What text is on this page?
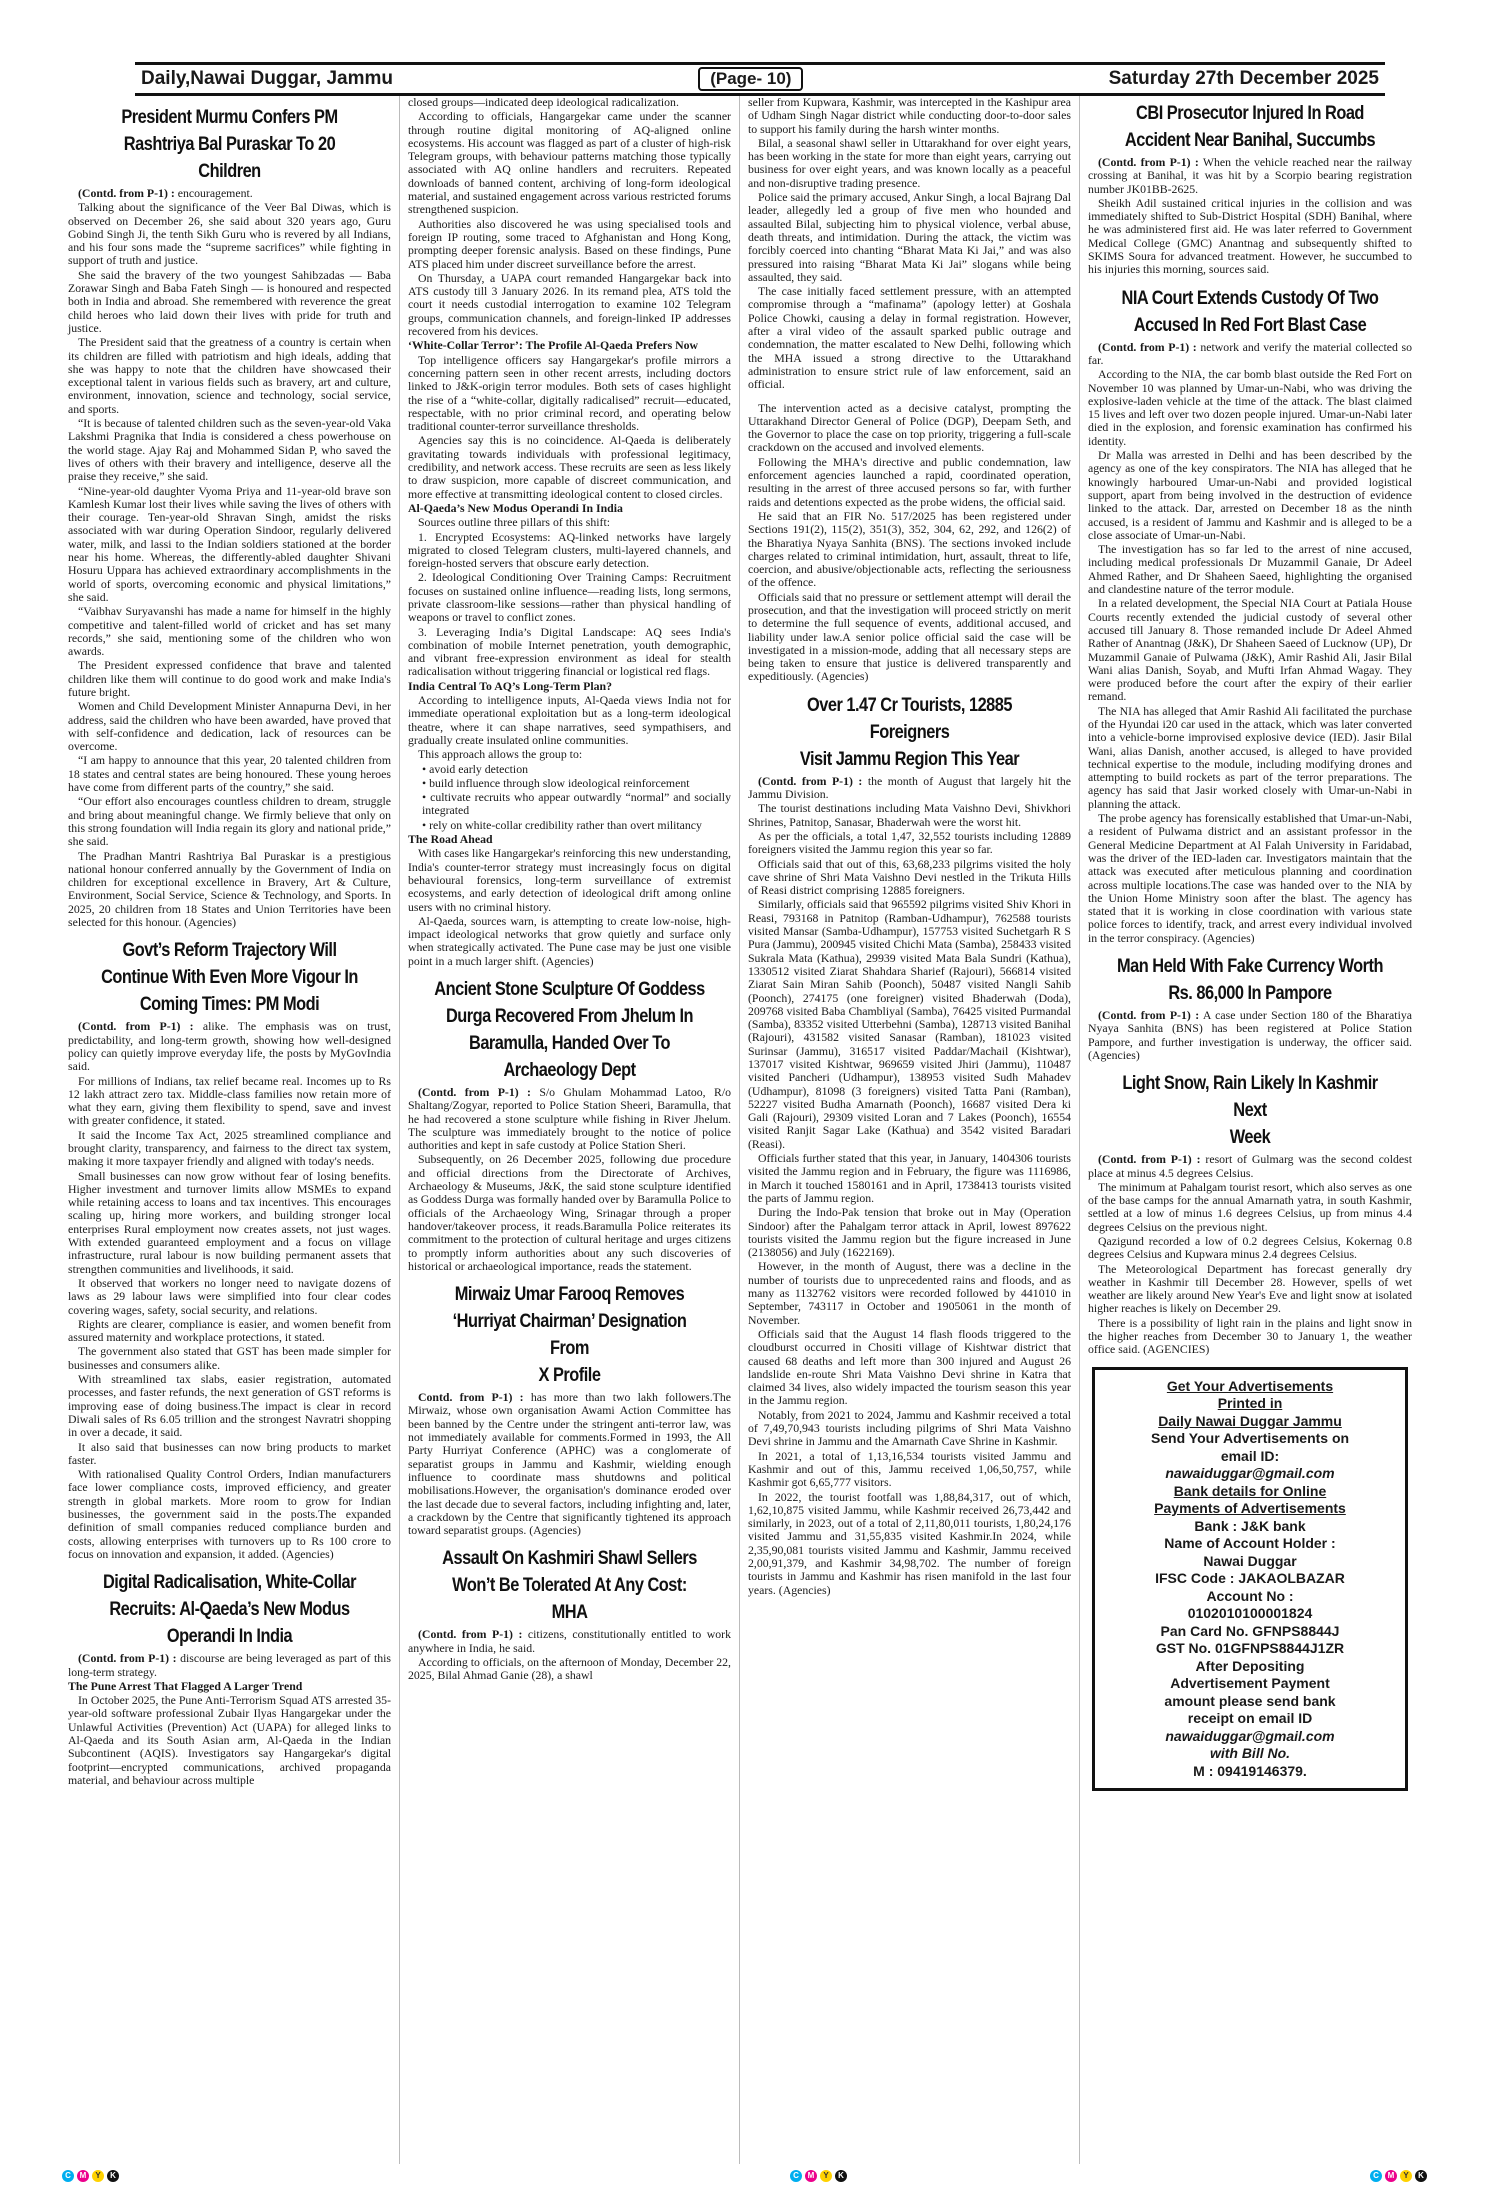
Daily,Nawai Duggar, Jammu	(Page- 10)	Saturday 27th December 2025
President Murmu Confers PM
Rashtriya Bal Puraskar To 20 Children

(Contd. from P-1) : encouragement.

Talking about the significance of the Veer Bal Diwas, which is observed on December 26, she said about 320 years ago, Guru Gobind Singh Ji, the tenth Sikh Guru who is revered by all Indians, and his four sons made the “supreme sacrifices” while fighting in support of truth and justice.

She said the bravery of the two youngest Sahibzadas — Baba Zorawar Singh and Baba Fateh Singh — is honoured and respected both in India and abroad. She remembered with reverence the great child heroes who laid down their lives with pride for truth and justice.

The President said that the greatness of a country is certain when its children are filled with patriotism and high ideals, adding that she was happy to note that the children have showcased their exceptional talent in various fields such as bravery, art and culture, environment, innovation, science and technology, social service, and sports.

“It is because of talented children such as the seven-year-old Vaka Lakshmi Pragnika that India is considered a chess powerhouse on the world stage. Ajay Raj and Mohammed Sidan P, who saved the lives of others with their bravery and intelligence, deserve all the praise they receive,” she said.

“Nine-year-old daughter Vyoma Priya and 11-year-old brave son Kamlesh Kumar lost their lives while saving the lives of others with their courage. Ten-year-old Shravan Singh, amidst the risks associated with war during Operation Sindoor, regularly delivered water, milk, and lassi to the Indian soldiers stationed at the border near his home. Whereas, the differently-abled daughter Shivani Hosuru Uppara has achieved extraordinary accomplishments in the world of sports, overcoming economic and physical limitations,” she said.

“Vaibhav Suryavanshi has made a name for himself in the highly competitive and talent-filled world of cricket and has set many records,” she said, mentioning some of the children who won awards.

The President expressed confidence that brave and talented children like them will continue to do good work and make India's future bright.

Women and Child Development Minister Annapurna Devi, in her address, said the children who have been awarded, have proved that with self-confidence and dedication, lack of resources can be overcome.

“I am happy to announce that this year, 20 talented children from 18 states and central states are being honoured. These young heroes have come from different parts of the country,” she said.

“Our effort also encourages countless children to dream, struggle and bring about meaningful change. We firmly believe that only on this strong foundation will India regain its glory and national pride,” she said.

The Pradhan Mantri Rashtriya Bal Puraskar is a prestigious national honour conferred annually by the Government of India on children for exceptional excellence in Bravery, Art & Culture, Environment, Social Service, Science & Technology, and Sports. In 2025, 20 children from 18 States and Union Territories have been selected for this honour. (Agencies)

Govt’s Reform Trajectory Will
Continue With Even More Vigour In
Coming Times: PM Modi

(Contd. from P-1) : alike. The emphasis was on trust, predictability, and long-term growth, showing how well-designed policy can quietly improve everyday life, the posts by MyGovIndia said.

For millions of Indians, tax relief became real. Incomes up to Rs 12 lakh attract zero tax. Middle-class families now retain more of what they earn, giving them flexibility to spend, save and invest with greater confidence, it stated.

It said the Income Tax Act, 2025 streamlined compliance and brought clarity, transparency, and fairness to the direct tax system, making it more taxpayer friendly and aligned with today's needs.

Small businesses can now grow without fear of losing benefits. Higher investment and turnover limits allow MSMEs to expand while retaining access to loans and tax incentives. This encourages scaling up, hiring more workers, and building stronger local enterprises Rural employment now creates assets, not just wages. With extended guaranteed employment and a focus on village infrastructure, rural labour is now building permanent assets that strengthen communities and livelihoods, it said.

It observed that workers no longer need to navigate dozens of laws as 29 labour laws were simplified into four clear codes covering wages, safety, social security, and relations.

Rights are clearer, compliance is easier, and women benefit from assured maternity and workplace protections, it stated.

The government also stated that GST has been made simpler for businesses and consumers alike.

With streamlined tax slabs, easier registration, automated processes, and faster refunds, the next generation of GST reforms is improving ease of doing business.The impact is clear in record Diwali sales of Rs 6.05 trillion and the strongest Navratri shopping in over a decade, it said.

It also said that businesses can now bring products to market faster.

With rationalised Quality Control Orders, Indian manufacturers face lower compliance costs, improved efficiency, and greater strength in global markets. More room to grow for Indian businesses, the government said in the posts.The expanded definition of small companies reduced compliance burden and costs, allowing enterprises with turnovers up to Rs 100 crore to focus on innovation and expansion, it added. (Agencies)

Digital Radicalisation, White-Collar
Recruits: Al-Qaeda’s New Modus
Operandi In India

(Contd. from P-1) : discourse are being leveraged as part of this long-term strategy.

The Pune Arrest That Flagged A Larger Trend

In October 2025, the Pune Anti-Terrorism Squad ATS arrested 35-year-old software professional Zubair Ilyas Hangargekar under the Unlawful Activities (Prevention) Act (UAPA) for alleged links to Al-Qaeda and its South Asian arm, Al-Qaeda in the Indian Subcontinent (AQIS). Investigators say Hangargekar's digital footprint—encrypted communications, archived propaganda material, and behaviour across multiple

closed groups—indicated deep ideological radicalization.

According to officials, Hangargekar came under the scanner through routine digital monitoring of AQ-aligned online ecosystems. His account was flagged as part of a cluster of high-risk Telegram groups, with behaviour patterns matching those typically associated with AQ online handlers and recruiters. Repeated downloads of banned content, archiving of long-form ideological material, and sustained engagement across various restricted forums strengthened suspicion.

Authorities also discovered he was using specialised tools and foreign IP routing, some traced to Afghanistan and Hong Kong, prompting deeper forensic analysis. Based on these findings, Pune ATS placed him under discreet surveillance before the arrest.

On Thursday, a UAPA court remanded Hangargekar back into ATS custody till 3 January 2026. In its remand plea, ATS told the court it needs custodial interrogation to examine 102 Telegram groups, communication channels, and foreign-linked IP addresses recovered from his devices.

‘White-Collar Terror’: The Profile Al-Qaeda Prefers Now

Top intelligence officers say Hangargekar's profile mirrors a concerning pattern seen in other recent arrests, including doctors linked to J&K-origin terror modules. Both sets of cases highlight the rise of a “white-collar, digitally radicalised” recruit—educated, respectable, with no prior criminal record, and operating below traditional counter-terror surveillance thresholds.

Agencies say this is no coincidence. Al-Qaeda is deliberately gravitating towards individuals with professional legitimacy, credibility, and network access. These recruits are seen as less likely to draw suspicion, more capable of discreet communication, and more effective at transmitting ideological content to closed circles.

Al-Qaeda’s New Modus Operandi In India

Sources outline three pillars of this shift:

1. Encrypted Ecosystems: AQ-linked networks have largely migrated to closed Telegram clusters, multi-layered channels, and foreign-hosted servers that obscure early detection.

2. Ideological Conditioning Over Training Camps: Recruitment focuses on sustained online influence—reading lists, long sermons, private classroom-like sessions—rather than physical handling of weapons or travel to conflict zones.

3. Leveraging India’s Digital Landscape: AQ sees India's combination of mobile Internet penetration, youth demographic, and vibrant free-expression environment as ideal for stealth radicalisation without triggering financial or logistical red flags.

India Central To AQ’s Long-Term Plan?

According to intelligence inputs, Al-Qaeda views India not for immediate operational exploitation but as a long-term ideological theatre, where it can shape narratives, seed sympathisers, and gradually create insulated online communities.

This approach allows the group to:

• avoid early detection

• build influence through slow ideological reinforcement

• cultivate recruits who appear outwardly “normal” and socially integrated

• rely on white-collar credibility rather than overt militancy

The Road Ahead

With cases like Hangargekar's reinforcing this new understanding, India's counter-terror strategy must increasingly focus on digital behavioural forensics, long-term surveillance of extremist ecosystems, and early detection of ideological drift among online users with no criminal history.

Al-Qaeda, sources warn, is attempting to create low-noise, high-impact ideological networks that grow quietly and surface only when strategically activated. The Pune case may be just one visible point in a much larger shift. (Agencies)

Ancient Stone Sculpture Of Goddess
Durga Recovered From Jhelum In
Baramulla, Handed Over To
Archaeology Dept

(Contd. from P-1) : S/o Ghulam Mohammad Latoo, R/o Shaltang/Zogyar, reported to Police Station Sheeri, Baramulla, that he had recovered a stone sculpture while fishing in River Jhelum. The sculpture was immediately brought to the notice of police authorities and kept in safe custody at Police Station Sheri.

Subsequently, on 26 December 2025, following due procedure and official directions from the Directorate of Archives, Archaeology & Museums, J&K, the said stone sculpture identified as Goddess Durga was formally handed over by Baramulla Police to officials of the Archaeology Wing, Srinagar through a proper handover/takeover process, it reads.Baramulla Police reiterates its commitment to the protection of cultural heritage and urges citizens to promptly inform authorities about any such discoveries of historical or archaeological importance, reads the statement.

Mirwaiz Umar Farooq Removes
‘Hurriyat Chairman’ Designation From
X Profile

Contd. from P-1) : has more than two lakh followers.The Mirwaiz, whose own organisation Awami Action Committee has been banned by the Centre under the stringent anti-terror law, was not immediately available for comments.Formed in 1993, the All Party Hurriyat Conference (APHC) was a conglomerate of separatist groups in Jammu and Kashmir, wielding enough influence to coordinate mass shutdowns and political mobilisations.However, the organisation's dominance eroded over the last decade due to several factors, including infighting and, later, a crackdown by the Centre that significantly tightened its approach toward separatist groups. (Agencies)

Assault On Kashmiri Shawl Sellers
Won’t Be Tolerated At Any Cost: MHA

(Contd. from P-1) : citizens, constitutionally entitled to work anywhere in India, he said.

According to officials, on the afternoon of Monday, December 22, 2025, Bilal Ahmad Ganie (28), a shawl

seller from Kupwara, Kashmir, was intercepted in the Kashipur area of Udham Singh Nagar district while conducting door-to-door sales to support his family during the harsh winter months.

Bilal, a seasonal shawl seller in Uttarakhand for over eight years, has been working in the state for more than eight years, carrying out business for over eight years, and was known locally as a peaceful and non-disruptive trading presence.

Police said the primary accused, Ankur Singh, a local Bajrang Dal leader, allegedly led a group of five men who hounded and assaulted Bilal, subjecting him to physical violence, verbal abuse, death threats, and intimidation. During the attack, the victim was forcibly coerced into chanting “Bharat Mata Ki Jai,” and was also pressured into raising “Bharat Mata Ki Jai” slogans while being assaulted, they said.

The case initially faced settlement pressure, with an attempted compromise through a “mafinama” (apology letter) at Goshala Police Chowki, causing a delay in formal registration. However, after a viral video of the assault sparked public outrage and condemnation, the matter escalated to New Delhi, following which the MHA issued a strong directive to the Uttarakhand administration to ensure strict rule of law enforcement, said an official.

The intervention acted as a decisive catalyst, prompting the Uttarakhand Director General of Police (DGP), Deepam Seth, and the Governor to place the case on top priority, triggering a full-scale crackdown on the accused and involved elements.

Following the MHA's directive and public condemnation, law enforcement agencies launched a rapid, coordinated operation, resulting in the arrest of three accused persons so far, with further raids and detentions expected as the probe widens, the official said.

He said that an FIR No. 517/2025 has been registered under Sections 191(2), 115(2), 351(3), 352, 304, 62, 292, and 126(2) of the Bharatiya Nyaya Sanhita (BNS). The sections invoked include charges related to criminal intimidation, hurt, assault, threat to life, coercion, and abusive/objectionable acts, reflecting the seriousness of the offence.

Officials said that no pressure or settlement attempt will derail the prosecution, and that the investigation will proceed strictly on merit to determine the full sequence of events, additional accused, and liability under law.A senior police official said the case will be investigated in a mission-mode, adding that all necessary steps are being taken to ensure that justice is delivered transparently and expeditiously. (Agencies)

Over 1.47 Cr Tourists, 12885 Foreigners
Visit Jammu Region This Year

(Contd. from P-1) : the month of August that largely hit the Jammu Division.

The tourist destinations including Mata Vaishno Devi, Shivkhori Shrines, Patnitop, Sanasar, Bhaderwah were the worst hit.

As per the officials, a total 1,47, 32,552 tourists including 12889 foreigners visited the Jammu region this year so far.

Officials said that out of this, 63,68,233 pilgrims visited the holy cave shrine of Shri Mata Vaishno Devi nestled in the Trikuta Hills of Reasi district comprising 12885 foreigners.

Similarly, officials said that 965592 pilgrims visited Shiv Khori in Reasi, 793168 in Patnitop (Ramban-Udhampur), 762588 tourists visited Mansar (Samba-Udhampur), 157753 visited Suchetgarh R S Pura (Jammu), 200945 visited Chichi Mata (Samba), 258433 visited Sukrala Mata (Kathua), 29939 visited Mata Bala Sundri (Kathua), 1330512 visited Ziarat Shahdara Sharief (Rajouri), 566814 visited Ziarat Sain Miran Sahib (Poonch), 50487 visited Nangli Sahib (Poonch), 274175 (one foreigner) visited Bhaderwah (Doda), 209768 visited Baba Chambliyal (Samba), 76425 visited Purmandal (Samba), 83352 visited Utterbehni (Samba), 128713 visited Banihal (Rajouri), 431582 visited Sanasar (Ramban), 181023 visited Surinsar (Jammu), 316517 visited Paddar/Machail (Kishtwar), 137017 visited Kishtwar, 969659 visited Jhiri (Jammu), 110487 visited Pancheri (Udhampur), 138953 visited Sudh Mahadev (Udhampur), 81098 (3 foreigners) visited Tatta Pani (Ramban), 52227 visited Budha Amarnath (Poonch), 16687 visited Dera ki Gali (Rajouri), 29309 visited Loran and 7 Lakes (Poonch), 16554 visited Ranjit Sagar Lake (Kathua) and 3542 visited Baradari (Reasi).

Officials further stated that this year, in January, 1404306 tourists visited the Jammu region and in February, the figure was 1116986, in March it touched 1580161 and in April, 1738413 tourists visited the parts of Jammu region.

During the Indo-Pak tension that broke out in May (Operation Sindoor) after the Pahalgam terror attack in April, lowest 897622 tourists visited the Jammu region but the figure increased in June (2138056) and July (1622169).

However, in the month of August, there was a decline in the number of tourists due to unprecedented rains and floods, and as many as 1132762 visitors were recorded followed by 441010 in September, 743117 in October and 1905061 in the month of November.

Officials said that the August 14 flash floods triggered to the cloudburst occurred in Chositi village of Kishtwar district that caused 68 deaths and left more than 300 injured and August 26 landslide en-route Shri Mata Vaishno Devi shrine in Katra that claimed 34 lives, also widely impacted the tourism season this year in the Jammu region.

Notably, from 2021 to 2024, Jammu and Kashmir received a total of 7,49,70,943 tourists including pilgrims of Shri Mata Vaishno Devi shrine in Jammu and the Amarnath Cave Shrine in Kashmir.

In 2021, a total of 1,13,16,534 tourists visited Jammu and Kashmir and out of this, Jammu received 1,06,50,757, while Kashmir got 6,65,777 visitors.

In 2022, the tourist footfall was 1,88,84,317, out of which, 1,62,10,875 visited Jammu, while Kashmir received 26,73,442 and similarly, in 2023, out of a total of 2,11,80,011 tourists, 1,80,24,176 visited Jammu and 31,55,835 visited Kashmir.In 2024, while 2,35,90,081 tourists visited Jammu and Kashmir, Jammu received 2,00,91,379, and Kashmir 34,98,702. The number of foreign tourists in Jammu and Kashmir has risen manifold in the last four years. (Agencies)

CBI Prosecutor Injured In Road
Accident Near Banihal, Succumbs

(Contd. from P-1) : When the vehicle reached near the railway crossing at Banihal, it was hit by a Scorpio bearing registration number JK01BB-2625.

Sheikh Adil sustained critical injuries in the collision and was immediately shifted to Sub-District Hospital (SDH) Banihal, where he was administered first aid. He was later referred to Government Medical College (GMC) Anantnag and subsequently shifted to SKIMS Soura for advanced treatment. However, he succumbed to his injuries this morning, sources said.

NIA Court Extends Custody Of Two
Accused In Red Fort Blast Case

(Contd. from P-1) : network and verify the material collected so far.

According to the NIA, the car bomb blast outside the Red Fort on November 10 was planned by Umar-un-Nabi, who was driving the explosive-laden vehicle at the time of the attack. The blast claimed 15 lives and left over two dozen people injured. Umar-un-Nabi later died in the explosion, and forensic examination has confirmed his identity.

Dr Malla was arrested in Delhi and has been described by the agency as one of the key conspirators. The NIA has alleged that he knowingly harboured Umar-un-Nabi and provided logistical support, apart from being involved in the destruction of evidence linked to the attack. Dar, arrested on December 18 as the ninth accused, is a resident of Jammu and Kashmir and is alleged to be a close associate of Umar-un-Nabi.

The investigation has so far led to the arrest of nine accused, including medical professionals Dr Muzammil Ganaie, Dr Adeel Ahmed Rather, and Dr Shaheen Saeed, highlighting the organised and clandestine nature of the terror module.

In a related development, the Special NIA Court at Patiala House Courts recently extended the judicial custody of several other accused till January 8. Those remanded include Dr Adeel Ahmed Rather of Anantnag (J&K), Dr Shaheen Saeed of Lucknow (UP), Dr Muzammil Ganaie of Pulwama (J&K), Amir Rashid Ali, Jasir Bilal Wani alias Danish, Soyab, and Mufti Irfan Ahmad Wagay. They were produced before the court after the expiry of their earlier remand.

The NIA has alleged that Amir Rashid Ali facilitated the purchase of the Hyundai i20 car used in the attack, which was later converted into a vehicle-borne improvised explosive device (IED). Jasir Bilal Wani, alias Danish, another accused, is alleged to have provided technical expertise to the module, including modifying drones and attempting to build rockets as part of the terror preparations. The agency has said that Jasir worked closely with Umar-un-Nabi in planning the attack.

The probe agency has forensically established that Umar-un-Nabi, a resident of Pulwama district and an assistant professor in the General Medicine Department at Al Falah University in Faridabad, was the driver of the IED-laden car. Investigators maintain that the attack was executed after meticulous planning and coordination across multiple locations.The case was handed over to the NIA by the Union Home Ministry soon after the blast. The agency has stated that it is working in close coordination with various state police forces to identify, track, and arrest every individual involved in the terror conspiracy. (Agencies)

Man Held With Fake Currency Worth
Rs. 86,000 In Pampore

(Contd. from P-1) : A case under Section 180 of the Bharatiya Nyaya Sanhita (BNS) has been registered at Police Station Pampore, and further investigation is underway, the officer said. (Agencies)

Light Snow, Rain Likely In Kashmir Next
Week

(Contd. from P-1) : resort of Gulmarg was the second coldest place at minus 4.5 degrees Celsius.

The minimum at Pahalgam tourist resort, which also serves as one of the base camps for the annual Amarnath yatra, in south Kashmir, settled at a low of minus 1.6 degrees Celsius, up from minus 4.4 degrees Celsius on the previous night.

Qazigund recorded a low of 0.2 degrees Celsius, Kokernag 0.8 degrees Celsius and Kupwara minus 2.4 degrees Celsius.

The Meteorological Department has forecast generally dry weather in Kashmir till December 28. However, spells of wet weather are likely around New Year's Eve and light snow at isolated higher reaches is likely on December 29.

There is a possibility of light rain in the plains and light snow in the higher reaches from December 30 to January 1, the weather office said. (AGENCIES)

Get Your Advertisements
Printed in
Daily Nawai Duggar Jammu
Send Your Advertisements on
email ID:
nawaiduggar@gmail.com
Bank details for Online
Payments of Advertisements
Bank : J&K bank
Name of Account Holder :
Nawai Duggar
IFSC Code : JAKAOLBAZAR
Account No :
0102010100001824
Pan Card No. GFNPS8844J
GST No. 01GFNPS8844J1ZR
After Depositing
Advertisement Payment
amount please send bank
receipt on email ID
nawaiduggar@gmail.com
with Bill No.
M : 09419146379.
C	M	Y	K	C	M	Y	K	C	M	Y	K
